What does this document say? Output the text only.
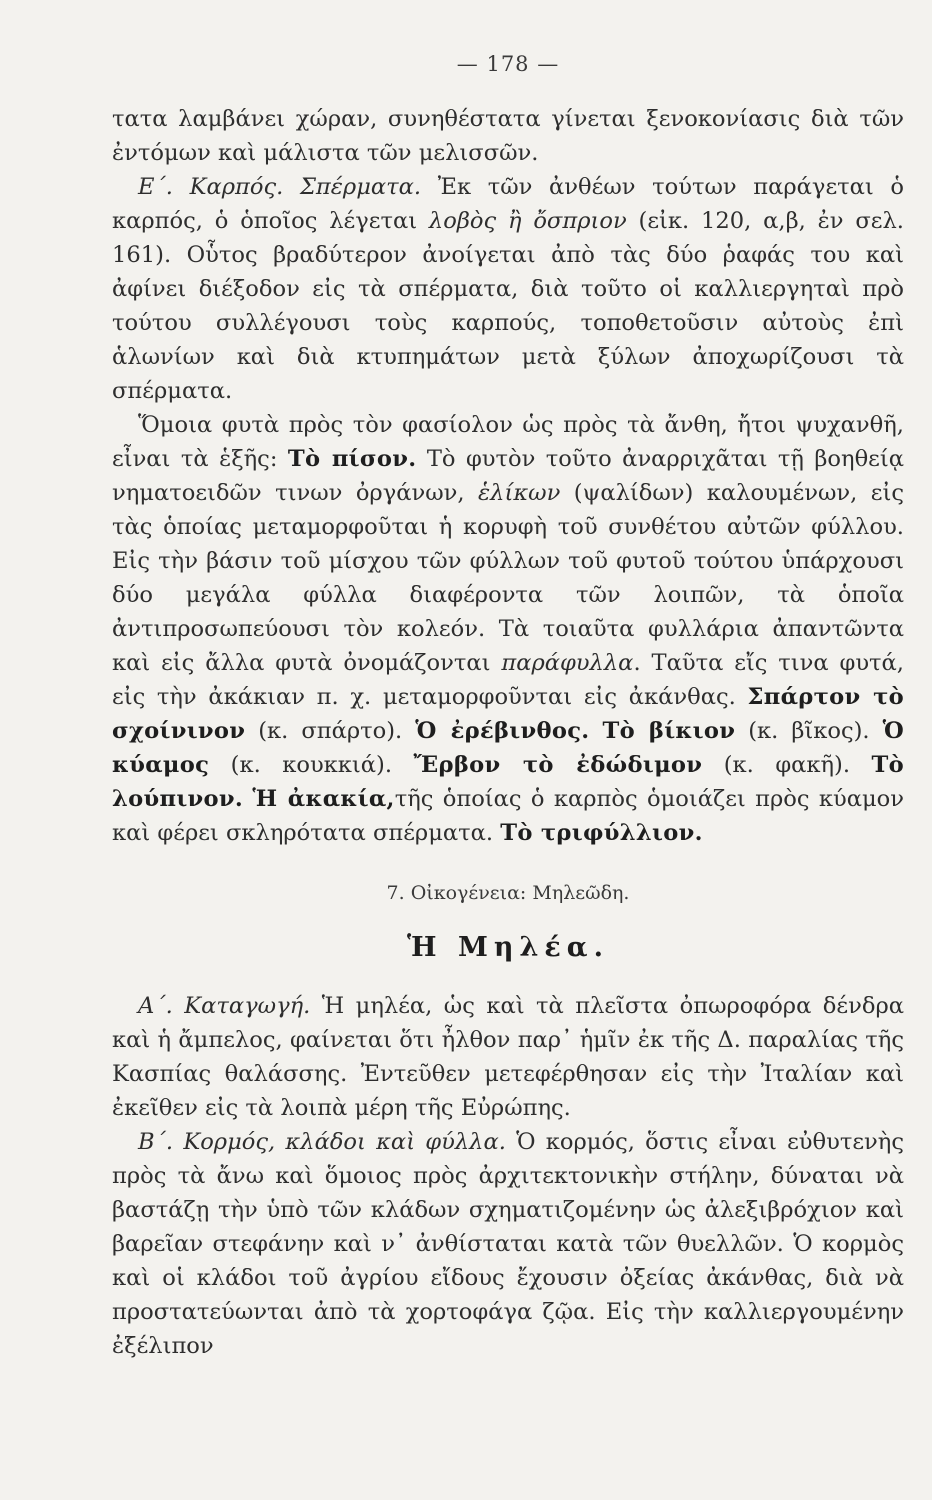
— 178 —

τατα λαμβάνει χώραν, συνηθέστατα γίνεται ξενοκονίασις διὰ τῶν ἐντόμων καὶ μάλιστα τῶν μελισσῶν.

Ε΄. Καρπός. Σπέρματα. Ἐκ τῶν ἀνθέων τούτων παράγεται ὁ καρπός, ὁ ὁποῖος λέγεται λοβὸς ἢ ὄσπριον (εἰκ. 120, α,β, ἐν σελ. 161). Οὗτος βραδύτερον ἀνοίγεται ἀπὸ τὰς δύο ῥαφάς του καὶ ἀφίνει διέξοδον εἰς τὰ σπέρματα, διὰ τοῦτο οἱ καλλιεργηταὶ πρὸ τούτου συλλέγουσι τοὺς καρπούς, τοποθετοῦσιν αὐτοὺς ἐπὶ ἁλωνίων καὶ διὰ κτυπημάτων μετὰ ξύλων ἀποχωρίζουσι τὰ σπέρματα.

Ὅμοια φυτὰ πρὸς τὸν φασίολον ὡς πρὸς τὰ ἄνθη, ἤτοι ψυχανθῆ, εἶναι τὰ ἑξῆς: Τὸ πίσον. Τὸ φυτὸν τοῦτο ἀναρριχᾶται τῇ βοηθείᾳ νηματοειδῶν τινων ὀργάνων, ἑλίκων (ψαλίδων) καλουμένων, εἰς τὰς ὁποίας μεταμορφοῦται ἡ κορυφὴ τοῦ συνθέτου αὐτῶν φύλλου. Εἰς τὴν βάσιν τοῦ μίσχου τῶν φύλλων τοῦ φυτοῦ τούτου ὑπάρχουσι δύο μεγάλα φύλλα διαφέροντα τῶν λοιπῶν, τὰ ὁποῖα ἀντιπροσωπεύουσι τὸν κολεόν. Τὰ τοιαῦτα φυλλάρια ἀπαντῶντα καὶ εἰς ἄλλα φυτὰ ὀνομάζονται παράφυλλα. Ταῦτα εἴς τινα φυτά, εἰς τὴν ἀκάκιαν π. χ. μεταμορφοῦνται εἰς ἀκάνθας. Σπάρτον τὸ σχοίνινον (κ. σπάρτο). Ὁ ἐρέβινθος. Τὸ βίκιον (κ. βῖκος). Ὁ κύαμος (κ. κουκκιά). Ἔρβον τὸ ἐδώδιμον (κ. φακῆ). Τὸ λούπινον. Ἡ ἀκακία,τῆς ὁποίας ὁ καρπὸς ὁμοιάζει πρὸς κύαμον καὶ φέρει σκληρότατα σπέρματα. Τὸ τριφύλλιον.

7. Οἰκογένεια: Μηλεῶδη.
Ἡ Μηλέα.

Α΄. Καταγωγή. Ἡ μηλέα, ὡς καὶ τὰ πλεῖστα ὀπωροφόρα δένδρα καὶ ἡ ἄμπελος, φαίνεται ὅτι ἦλθον παρ᾽ ἡμῖν ἐκ τῆς Δ. παραλίας τῆς Κασπίας θαλάσσης. Ἐντεῦθεν μετεφέρθησαν εἰς τὴν Ἰταλίαν καὶ ἐκεῖθεν εἰς τὰ λοιπὰ μέρη τῆς Εὐρώπης.

Β΄. Κορμός, κλάδοι καὶ φύλλα. Ὁ κορμός, ὅστις εἶναι εὐθυτενὴς πρὸς τὰ ἄνω καὶ ὅμοιος πρὸς ἀρχιτεκτονικὴν στήλην, δύναται νὰ βαστάζῃ τὴν ὑπὸ τῶν κλάδων σχηματιζομένην ὡς ἀλεξιβρόχιον καὶ βαρεῖαν στεφάνην καὶ ν᾽ ἀνθίσταται κατὰ τῶν θυελλῶν. Ὁ κορμὸς καὶ οἱ κλάδοι τοῦ ἀγρίου εἴδους ἔχουσιν ὀξείας ἀκάνθας, διὰ νὰ προστατεύωνται ἀπὸ τὰ χορτοφάγα ζῷα. Εἰς τὴν καλλιεργουμένην ἐξέλιπον
